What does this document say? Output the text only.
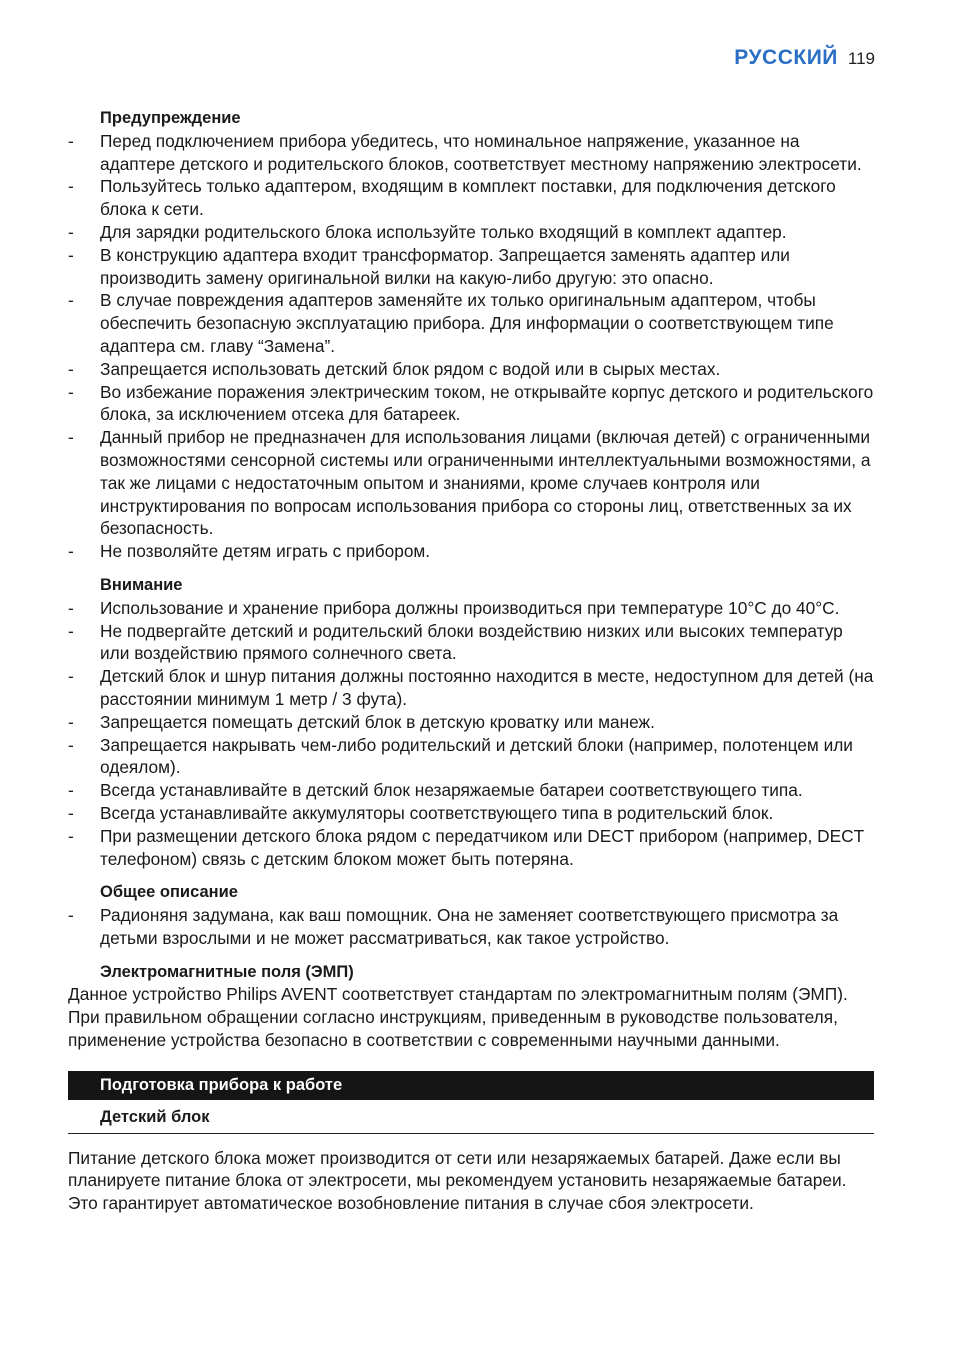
РУССКИЙ 119
Предупреждение
-	Перед подключением прибора убедитесь, что номинальное напряжение, указанное на адаптере детского и родительского блоков, соответствует местному напряжению электросети.
-	Пользуйтесь только адаптером, входящим в комплект поставки, для подключения детского блока к сети.
-	Для зарядки родительского блока используйте только входящий в комплект адаптер.
-	В конструкцию адаптера входит трансформатор. Запрещается заменять адаптер или производить замену оригинальной вилки на какую-либо другую: это опасно.
-	В случае повреждения адаптеров заменяйте их только оригинальным адаптером, чтобы обеспечить безопасную эксплуатацию прибора. Для информации о соответствующем типе адаптера см. главу “Замена”.
-	Запрещается использовать детский блок рядом с водой или в сырых местах.
-	Во избежание поражения электрическим током, не открывайте корпус детского и родительского блока, за исключением отсека для батареек.
-	Данный прибор не предназначен для использования лицами (включая детей) с ограниченными возможностями сенсорной системы или ограниченными интеллектуальными возможностями, а так же лицами с недостаточным опытом и знаниями, кроме случаев контроля или инструктирования по вопросам использования прибора со стороны лиц, ответственных за их безопасность.
-	Не позволяйте детям играть с прибором.
Внимание
-	Использование и хранение прибора должны производиться при температуре 10°C до 40°C.
-	Не подвергайте детский и родительский блоки воздействию низких или высоких температур или воздействию прямого солнечного света.
-	Детский блок и шнур питания должны постоянно находится в месте, недоступном для детей (на расстоянии минимум 1 метр / 3 фута).
-	Запрещается помещать детский блок в детскую кроватку или манеж.
-	Запрещается накрывать чем-либо родительский и детский блоки (например, полотенцем или одеялом).
-	Всегда устанавливайте в детский блок незаряжаемые батареи соответствующего типа.
-	Всегда устанавливайте аккумуляторы соответствующего типа в родительский блок.
-	При размещении детского блока рядом с передатчиком или DECT прибором (например, DECT телефоном) связь с детским блоком может быть потеряна.
Общее описание
-	Радионяня задумана, как ваш помощник. Она не заменяет соответствующего присмотра за детьми взрослыми и не может рассматриваться, как такое устройство.
Электромагнитные поля (ЭМП)

Данное устройство Philips AVENT соответствует стандартам по электромагнитным полям (ЭМП). При правильном обращении согласно инструкциям, приведенным в руководстве пользователя, применение устройства безопасно в соответствии с современными научными данными.

Подготовка прибора к работе
Детский блок

Питание детского блока может производится от сети или незаряжаемых батарей. Даже если вы планируете питание блока от электросети, мы рекомендуем установить незаряжаемые батареи. Это гарантирует автоматическое возобновление питания в случае сбоя электросети.
